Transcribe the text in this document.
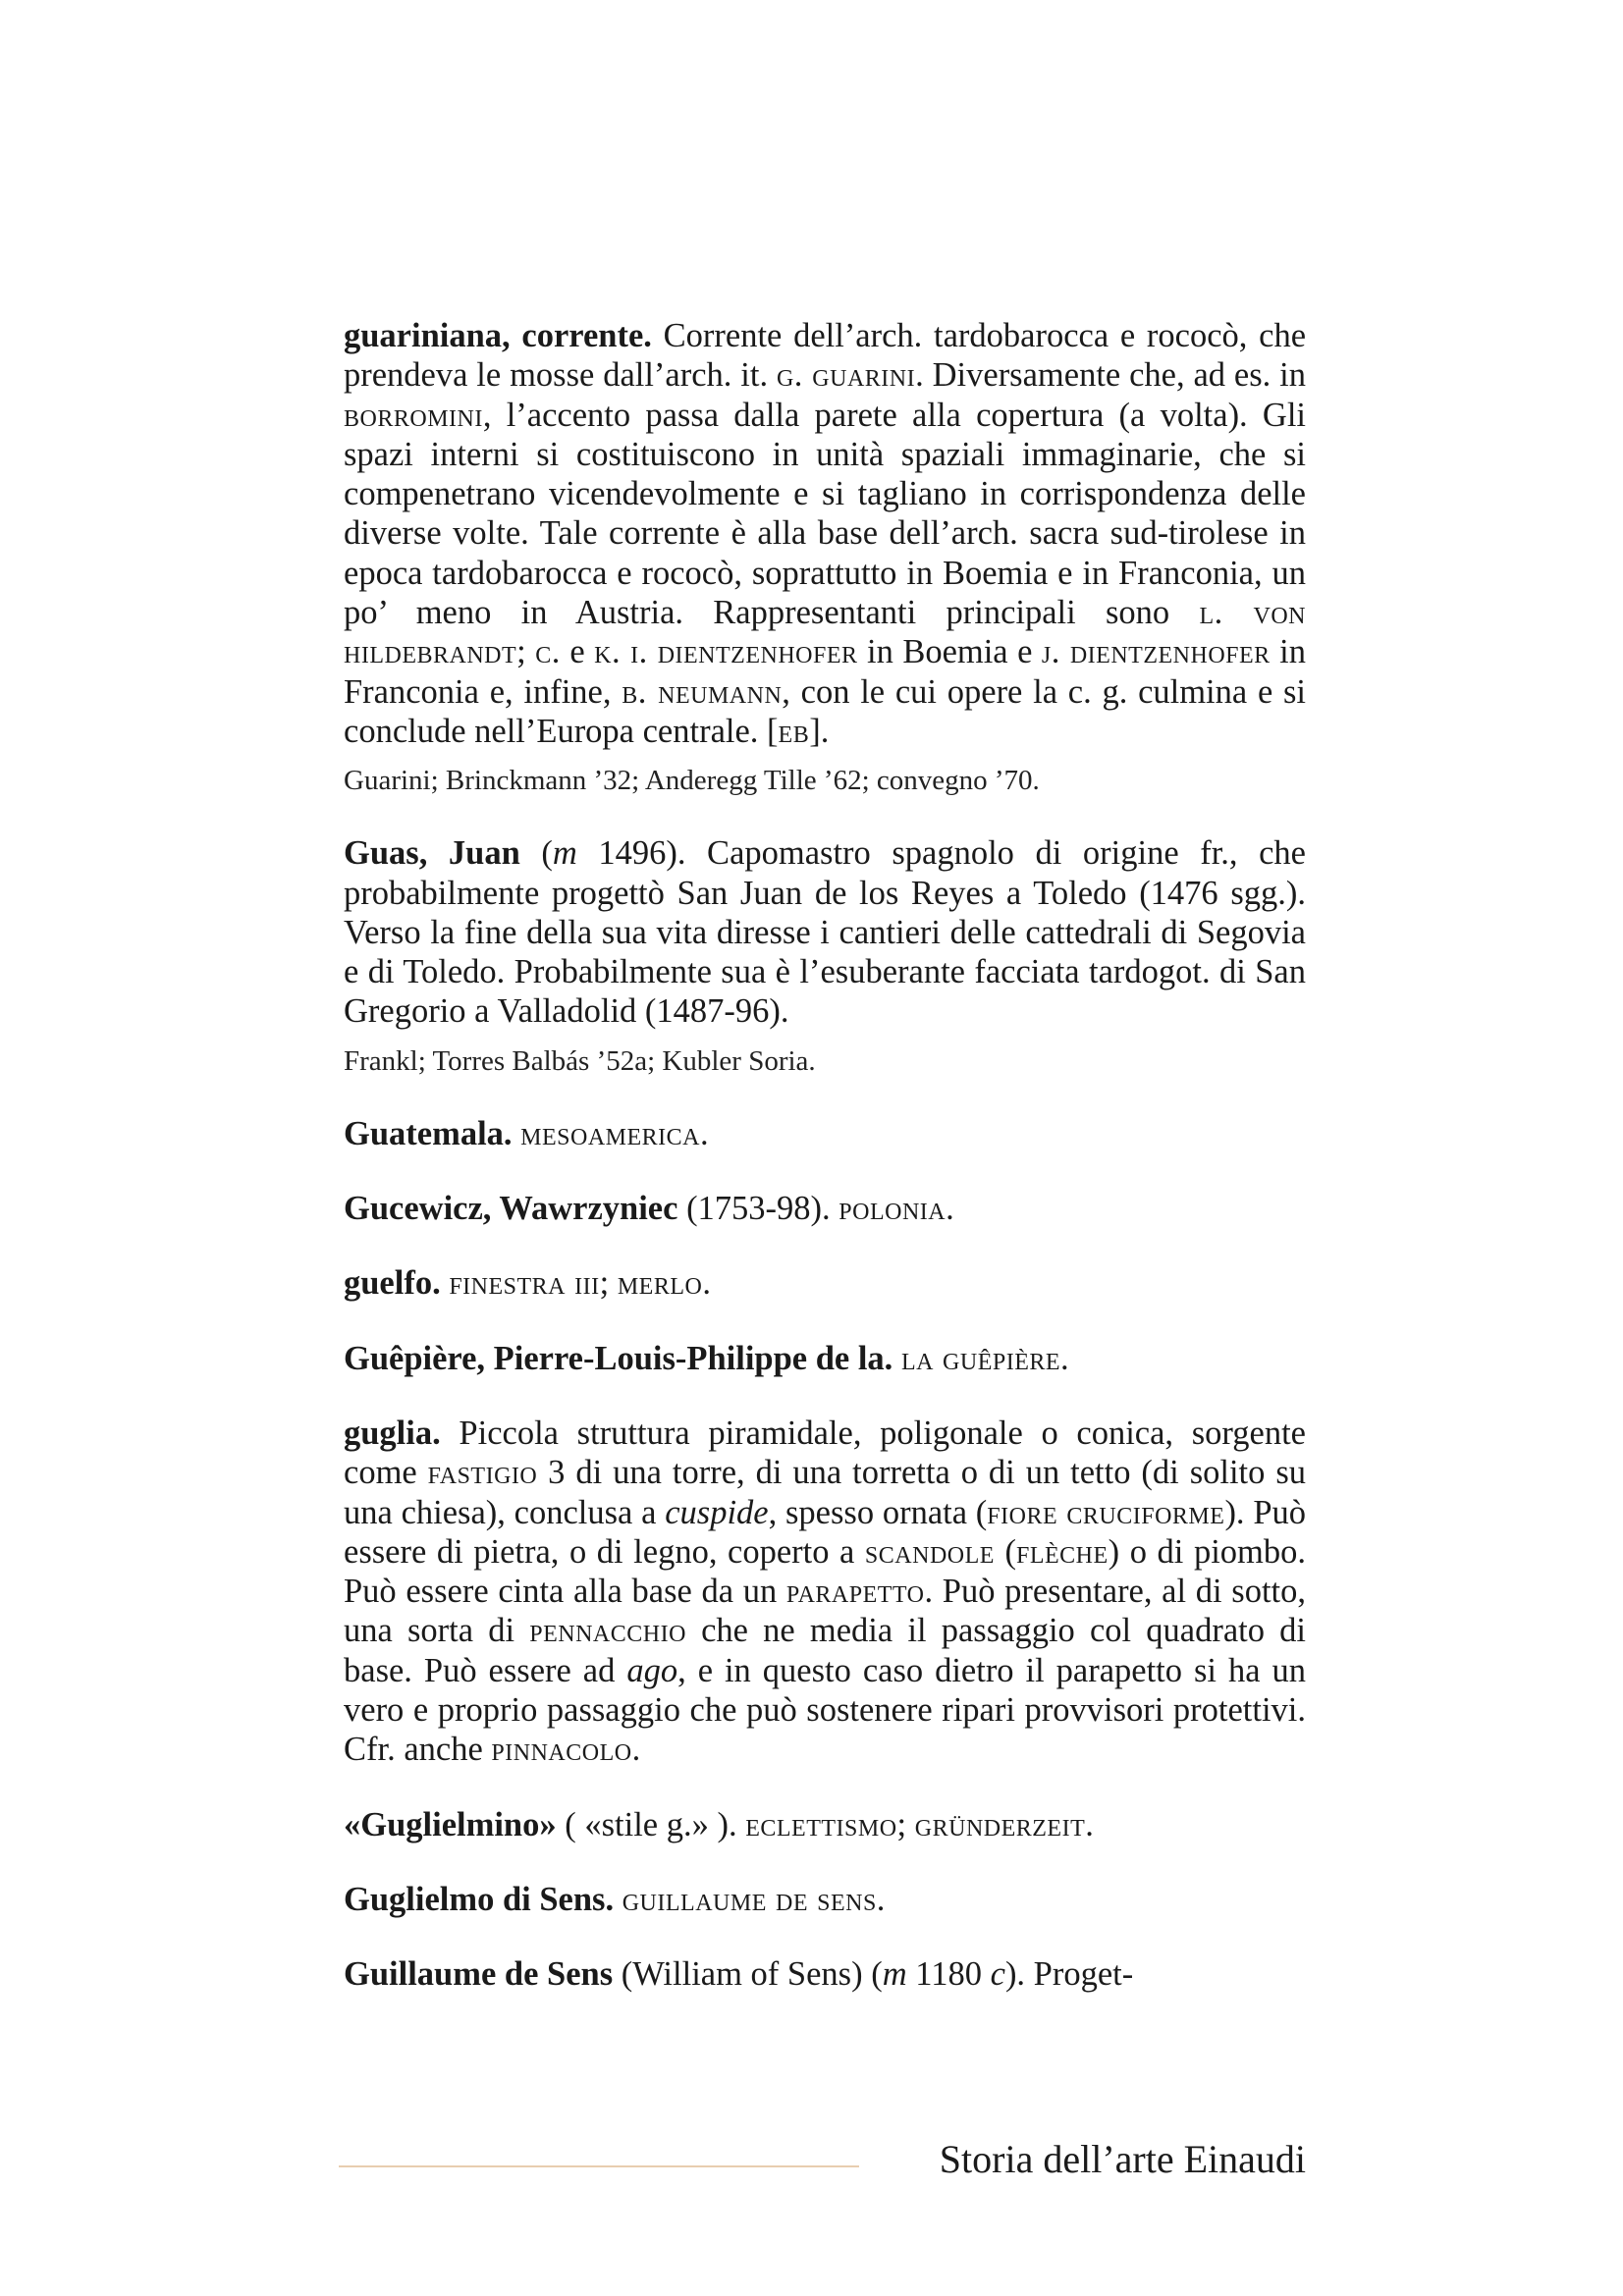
guariniana, corrente. Corrente dell’arch. tardobarocca e rococò, che prendeva le mosse dall’arch. it. g. guarini. Diversamente che, ad es. in borromini, l’accento passa dalla parete alla copertura (a volta). Gli spazi interni si costituiscono in unità spaziali immaginarie, che si compenetrano vicendevolmente e si tagliano in corrispondenza delle diverse volte. Tale corrente è alla base dell’arch. sacra sud-tirolese in epoca tardobarocca e rococò, soprattutto in Boemia e in Franconia, un po’ meno in Austria. Rappresentanti principali sono l. von hildebrandt; c. e k. i. dientzenhofer in Boemia e j. dientzenhofer in Franconia e, infine, b. neumann, con le cui opere la c. g. culmina e si conclude nell’Europa centrale. [eb].

Guarini; Brinckmann ’32; Anderegg Tille ’62; convegno ’70.

Guas, Juan (m 1496). Capomastro spagnolo di origine fr., che probabilmente progettò San Juan de los Reyes a Toledo (1476 sgg.). Verso la fine della sua vita diresse i cantieri delle cattedrali di Segovia e di Toledo. Probabilmente sua è l’esuberante facciata tardogot. di San Gregorio a Valladolid (1487-96).

Frankl; Torres Balbás ’52a; Kubler Soria.

Guatemala. mesoamerica.

Gucewicz, Wawrzyniec (1753-98). polonia.

guelfo. finestra iii; merlo.

Guêpière, Pierre-Louis-Philippe de la. la guêpière.

guglia. Piccola struttura piramidale, poligonale o conica, sorgente come fastigio 3 di una torre, di una torretta o di un tetto (di solito su una chiesa), conclusa a cuspide, spesso ornata (fiore cruciforme). Può essere di pietra, o di legno, coperto a scandole (flèche) o di piombo. Può essere cinta alla base da un parapetto. Può presentare, al di sotto, una sorta di pennacchio che ne media il passaggio col quadrato di base. Può essere ad ago, e in questo caso dietro il parapetto si ha un vero e proprio passaggio che può sostenere ripari provvisori protettivi. Cfr. anche pinnacolo.

«Guglielmino» ( «stile g.» ). eclettismo; gründerzeit.

Guglielmo di Sens. guillaume de sens.

Guillaume de Sens (William of Sens) (m 1180 c). Proget-

Storia dell’arte Einaudi
